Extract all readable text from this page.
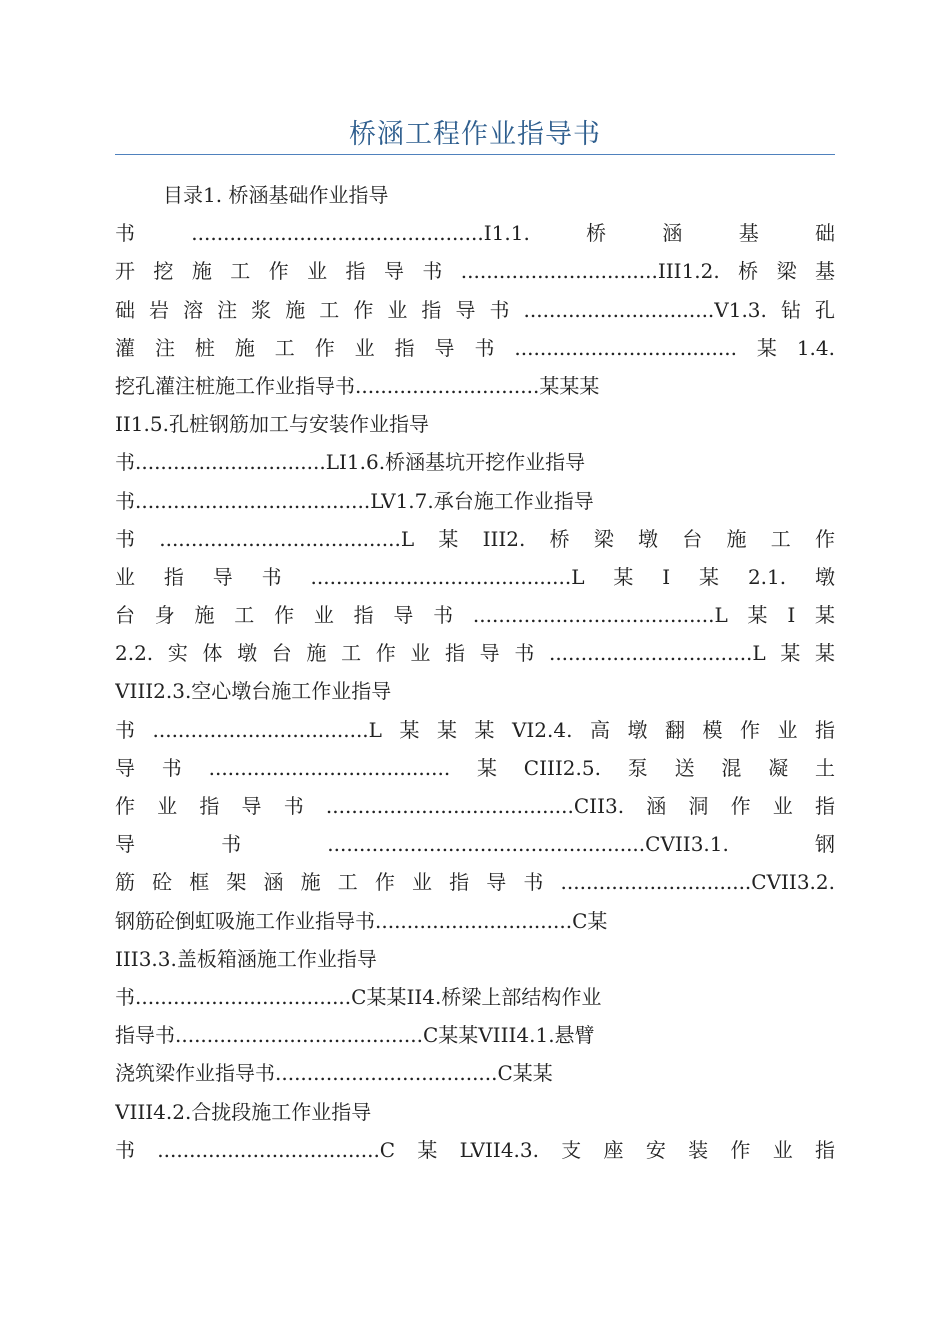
桥涵工程作业指导书
目录1. 桥涵基础作业指导
书..............................................I1.1.桥涵基础
开挖施工作业指导书...............................III1.2.桥梁基
础岩溶注浆施工作业指导书..............................V1.3.钻孔
灌注桩施工作业指导书...................................某1.4.
挖孔灌注桩施工作业指导书.............................某某某
II1.5.孔桩钢筋加工与安装作业指导
书..............................LI1.6.桥涵基坑开挖作业指导
书.....................................LV1.7.承台施工作业指导
书......................................L某III2.桥梁墩台施工作
业指导书.........................................L某I某2.1.墩
台身施工作业指导书......................................L某I某
2.2.实体墩台施工作业指导书................................L某某
VIII2.3.空心墩台施工作业指导
书..................................L某某某VI2.4.高墩翻模作业指
导书......................................某CIII2.5.泵送混凝土
作业指导书.......................................CII3.涵洞作业指
导书..................................................CVII3.1.钢
筋砼框架涵施工作业指导书..............................CVII3.2.
钢筋砼倒虹吸施工作业指导书...............................C某
III3.3.盖板箱涵施工作业指导
书..................................C某某II4.桥梁上部结构作业
指导书.......................................C某某VIII4.1.悬臂
浇筑梁作业指导书...................................C某某
VIII4.2.合拢段施工作业指导
书...................................C某LVII4.3.支座安装作业指
